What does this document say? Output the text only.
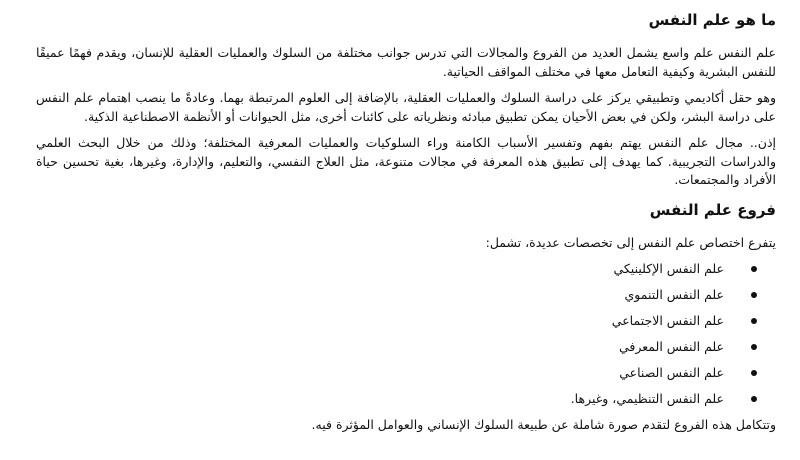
ما هو علم النفس

علم النفس علم واسع يشمل العديد من الفروع والمجالات التي تدرس جوانب مختلفة من السلوك والعمليات العقلية للإنسان، ويقدم فهمًا عميقًا للنفس البشرية وكيفية التعامل معها في مختلف المواقف الحياتية.

وهو حقل أكاديمي وتطبيقي يركز على دراسة السلوك والعمليات العقلية، بالإضافة إلى العلوم المرتبطة بهما. وعادةً ما ينصب اهتمام علم النفس على دراسة البشر، ولكن في بعض الأحيان يمكن تطبيق مبادئه ونظرياته على كائنات أخرى، مثل الحيوانات أو الأنظمة الاصطناعية الذكية.

إذن.. مجال علم النفس يهتم بفهم وتفسير الأسباب الكامنة وراء السلوكيات والعمليات المعرفية المختلفة؛ وذلك من خلال البحث العلمي والدراسات التجريبية. كما يهدف إلى تطبيق هذه المعرفة في مجالات متنوعة، مثل العلاج النفسي، والتعليم، والإدارة، وغيرها، بغية تحسين حياة الأفراد والمجتمعات.

فروع علم النفس

يتفرع اختصاص علم النفس إلى تخصصات عديدة، تشمل:

علم النفس الإكلينيكي
علم النفس التنموي
علم النفس الاجتماعي
علم النفس المعرفي
علم النفس الصناعي
علم النفس التنظيمي، وغيرها.

وتتكامل هذه الفروع لتقدم صورة شاملة عن طبيعة السلوك الإنساني والعوامل المؤثرة فيه.
